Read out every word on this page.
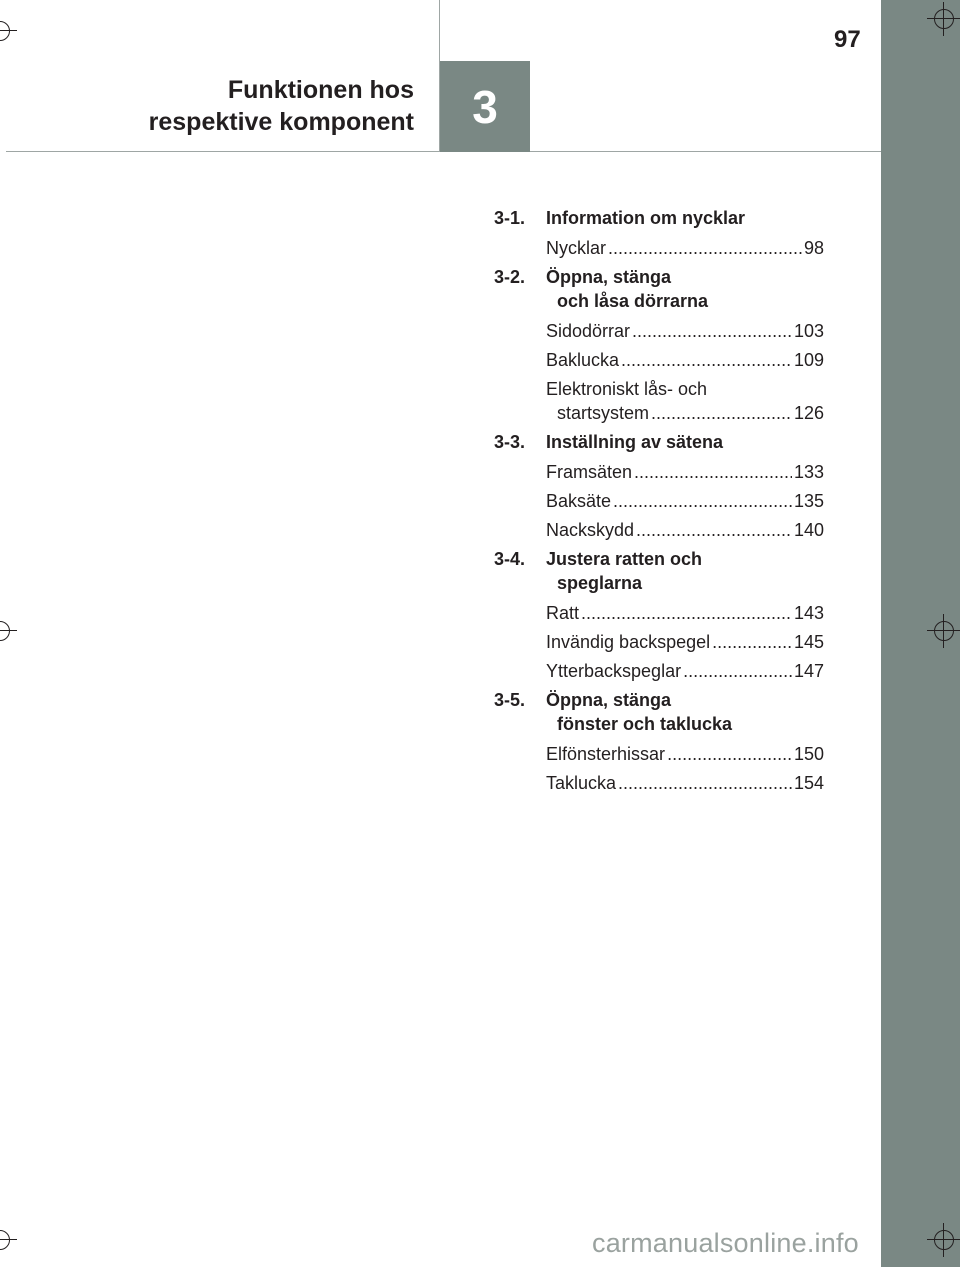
3
Funktionen hos
respektive komponent
97
3-1. Information om nycklar
Nycklar .....	98
3-2. Öppna, stänga
och låsa dörrarna
Sidodörrar .....	103
Baklucka .....	109
Elektroniskt lås- och
startsystem .....	126
3-3. Inställning av sätena
Framsäten .....	133
Baksäte .....	135
Nackskydd .....	140
3-4. Justera ratten och
speglarna
Ratt .....	143
Invändig backspegel .....	145
Ytterbackspeglar .....	147
3-5. Öppna, stänga
fönster och taklucka
Elfönsterhissar .....	150
Taklucka .....	154
carmanualsonline.info
